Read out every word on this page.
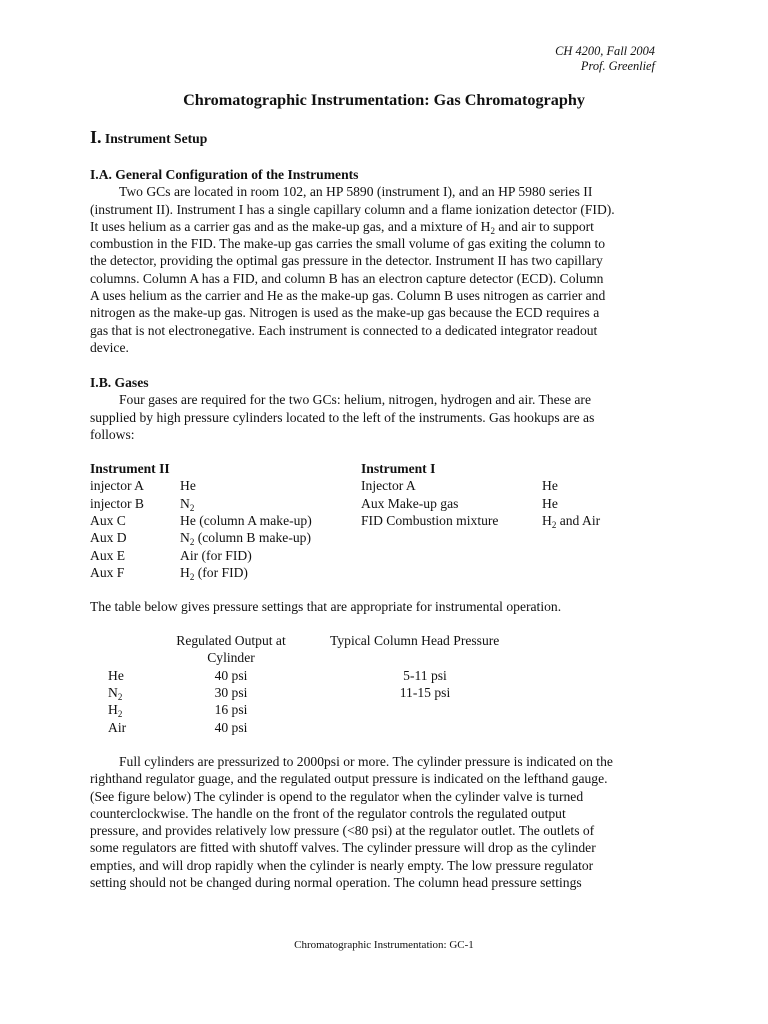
CH 4200, Fall 2004
Prof. Greenlief
Chromatographic Instrumentation: Gas Chromatography
I. Instrument Setup
I.A. General Configuration of the Instruments
Two GCs are located in room 102, an HP 5890 (instrument I), and an HP 5980 series II
(instrument II). Instrument I has a single capillary column and a flame ionization detector (FID).
It uses helium as a carrier gas and as the make-up gas, and a mixture of $H_2$ and air to support
combustion in the FID. The make-up gas carries the small volume of gas exiting the column to
the detector, providing the optimal gas pressure in the detector. Instrument II has two capillary
columns. Column A has a FID, and column B has an electron capture detector (ECD). Column
A uses helium as the carrier and He as the make-up gas. Column B uses nitrogen as carrier and
nitrogen as the make-up gas. Nitrogen is used as the make-up gas because the ECD requires a
gas that is not electronegative. Each instrument is connected to a dedicated integrator readout
device.
I.B. Gases
Four gases are required for the two GCs: helium, nitrogen, hydrogen and air. These are
supplied by high pressure cylinders located to the left of the instruments. Gas hookups are as
follows:
Instrument II	Instrument I
injector A	He
injector B	$N_2$
Aux C	He (column A make-up)
Aux D	$N_2$ (column B make-up)
Aux E	Air (for FID)
Aux F	$H_2$ (for FID)
Injector A	He
Aux Make-up gas	He
FID Combustion mixture	$H_2$ and Air
The table below gives pressure settings that are appropriate for instrumental operation.
Regulated Output at
Cylinder
Typical Column Head Pressure
He	40 psi	5-11 psi
$N_2$	30 psi	11-15 psi
$H_2$	16 psi
Air	40 psi
Full cylinders are pressurized to 2000psi or more. The cylinder pressure is indicated on the
righthand regulator guage, and the regulated output pressure is indicated on the lefthand gauge.
(See figure below) The cylinder is opend to the regulator when the cylinder valve is turned
counterclockwise. The handle on the front of the regulator controls the regulated output
pressure, and provides relatively low pressure (<80 psi) at the regulator outlet. The outlets of
some regulators are fitted with shutoff valves. The cylinder pressure will drop as the cylinder
empties, and will drop rapidly when the cylinder is nearly empty. The low pressure regulator
setting should not be changed during normal operation. The column head pressure settings
Chromatographic Instrumentation: GC-1
